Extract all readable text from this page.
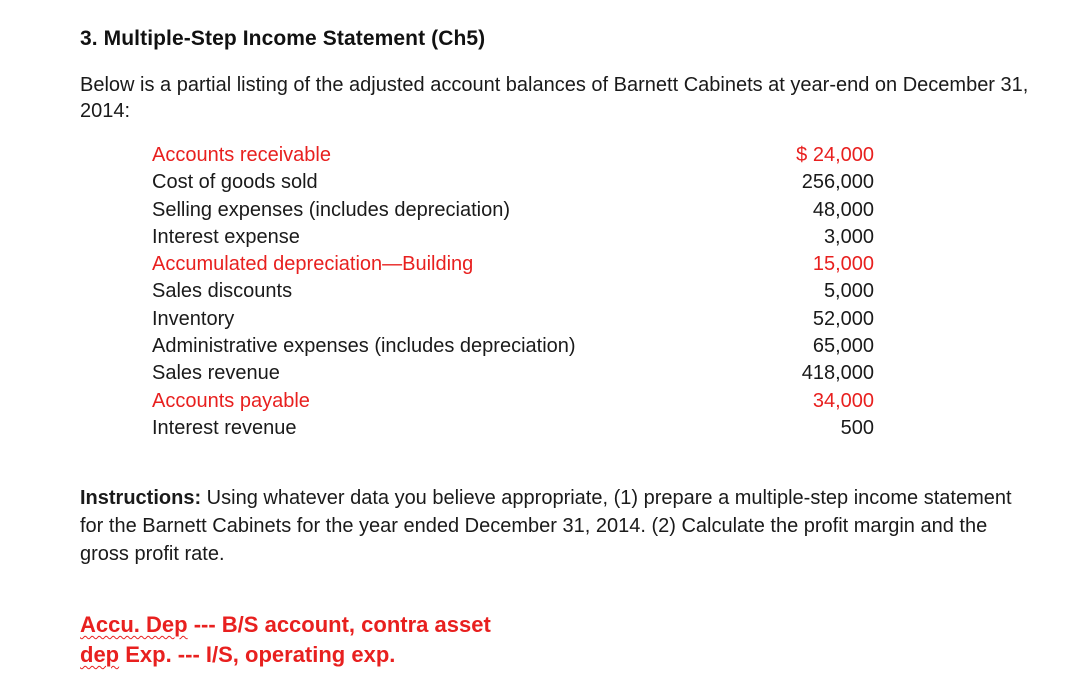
3. Multiple-Step Income Statement (Ch5)
Below is a partial listing of the adjusted account balances of Barnett Cabinets at year-end on December 31, 2014:
Accounts receivable	$ 24,000
Cost of goods sold	256,000
Selling expenses (includes depreciation)	48,000
Interest expense	3,000
Accumulated depreciation—Building	15,000
Sales discounts	5,000
Inventory	52,000
Administrative expenses (includes depreciation)	65,000
Sales revenue	418,000
Accounts payable	34,000
Interest revenue	500
Instructions: Using whatever data you believe appropriate, (1) prepare a multiple-step income statement for the Barnett Cabinets for the year ended December 31, 2014. (2) Calculate the profit margin and the gross profit rate.
Accu. Dep --- B/S account, contra asset
dep Exp. --- I/S, operating exp.
